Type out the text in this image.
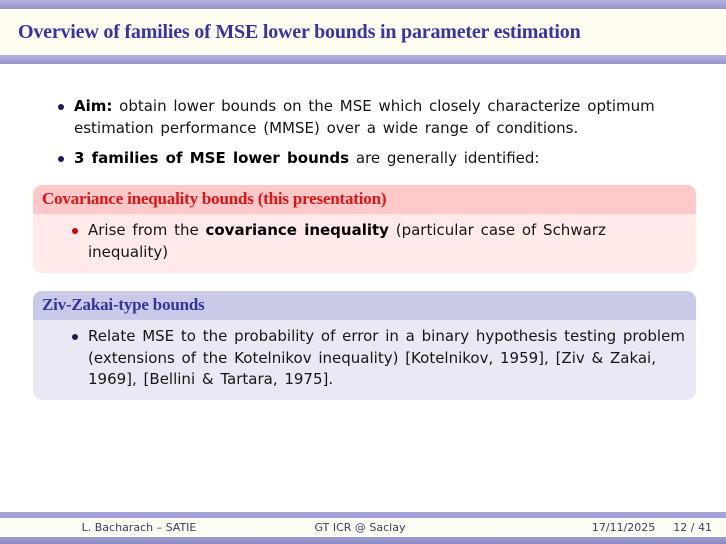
Overview of families of MSE lower bounds in parameter estimation
Aim: obtain lower bounds on the MSE which closely characterize optimum estimation performance (MMSE) over a wide range of conditions.
3 families of MSE lower bounds are generally identified:
Covariance inequality bounds (this presentation)
Arise from the covariance inequality (particular case of Schwarz inequality)
Ziv-Zakai-type bounds
Relate MSE to the probability of error in a binary hypothesis testing problem (extensions of the Kotelnikov inequality) [Kotelnikov, 1959], [Ziv & Zakai, 1969], [Bellini & Tartara, 1975].
L. Bacharach – SATIE	GT ICR @ Saclay	17/11/2025 12 / 41
